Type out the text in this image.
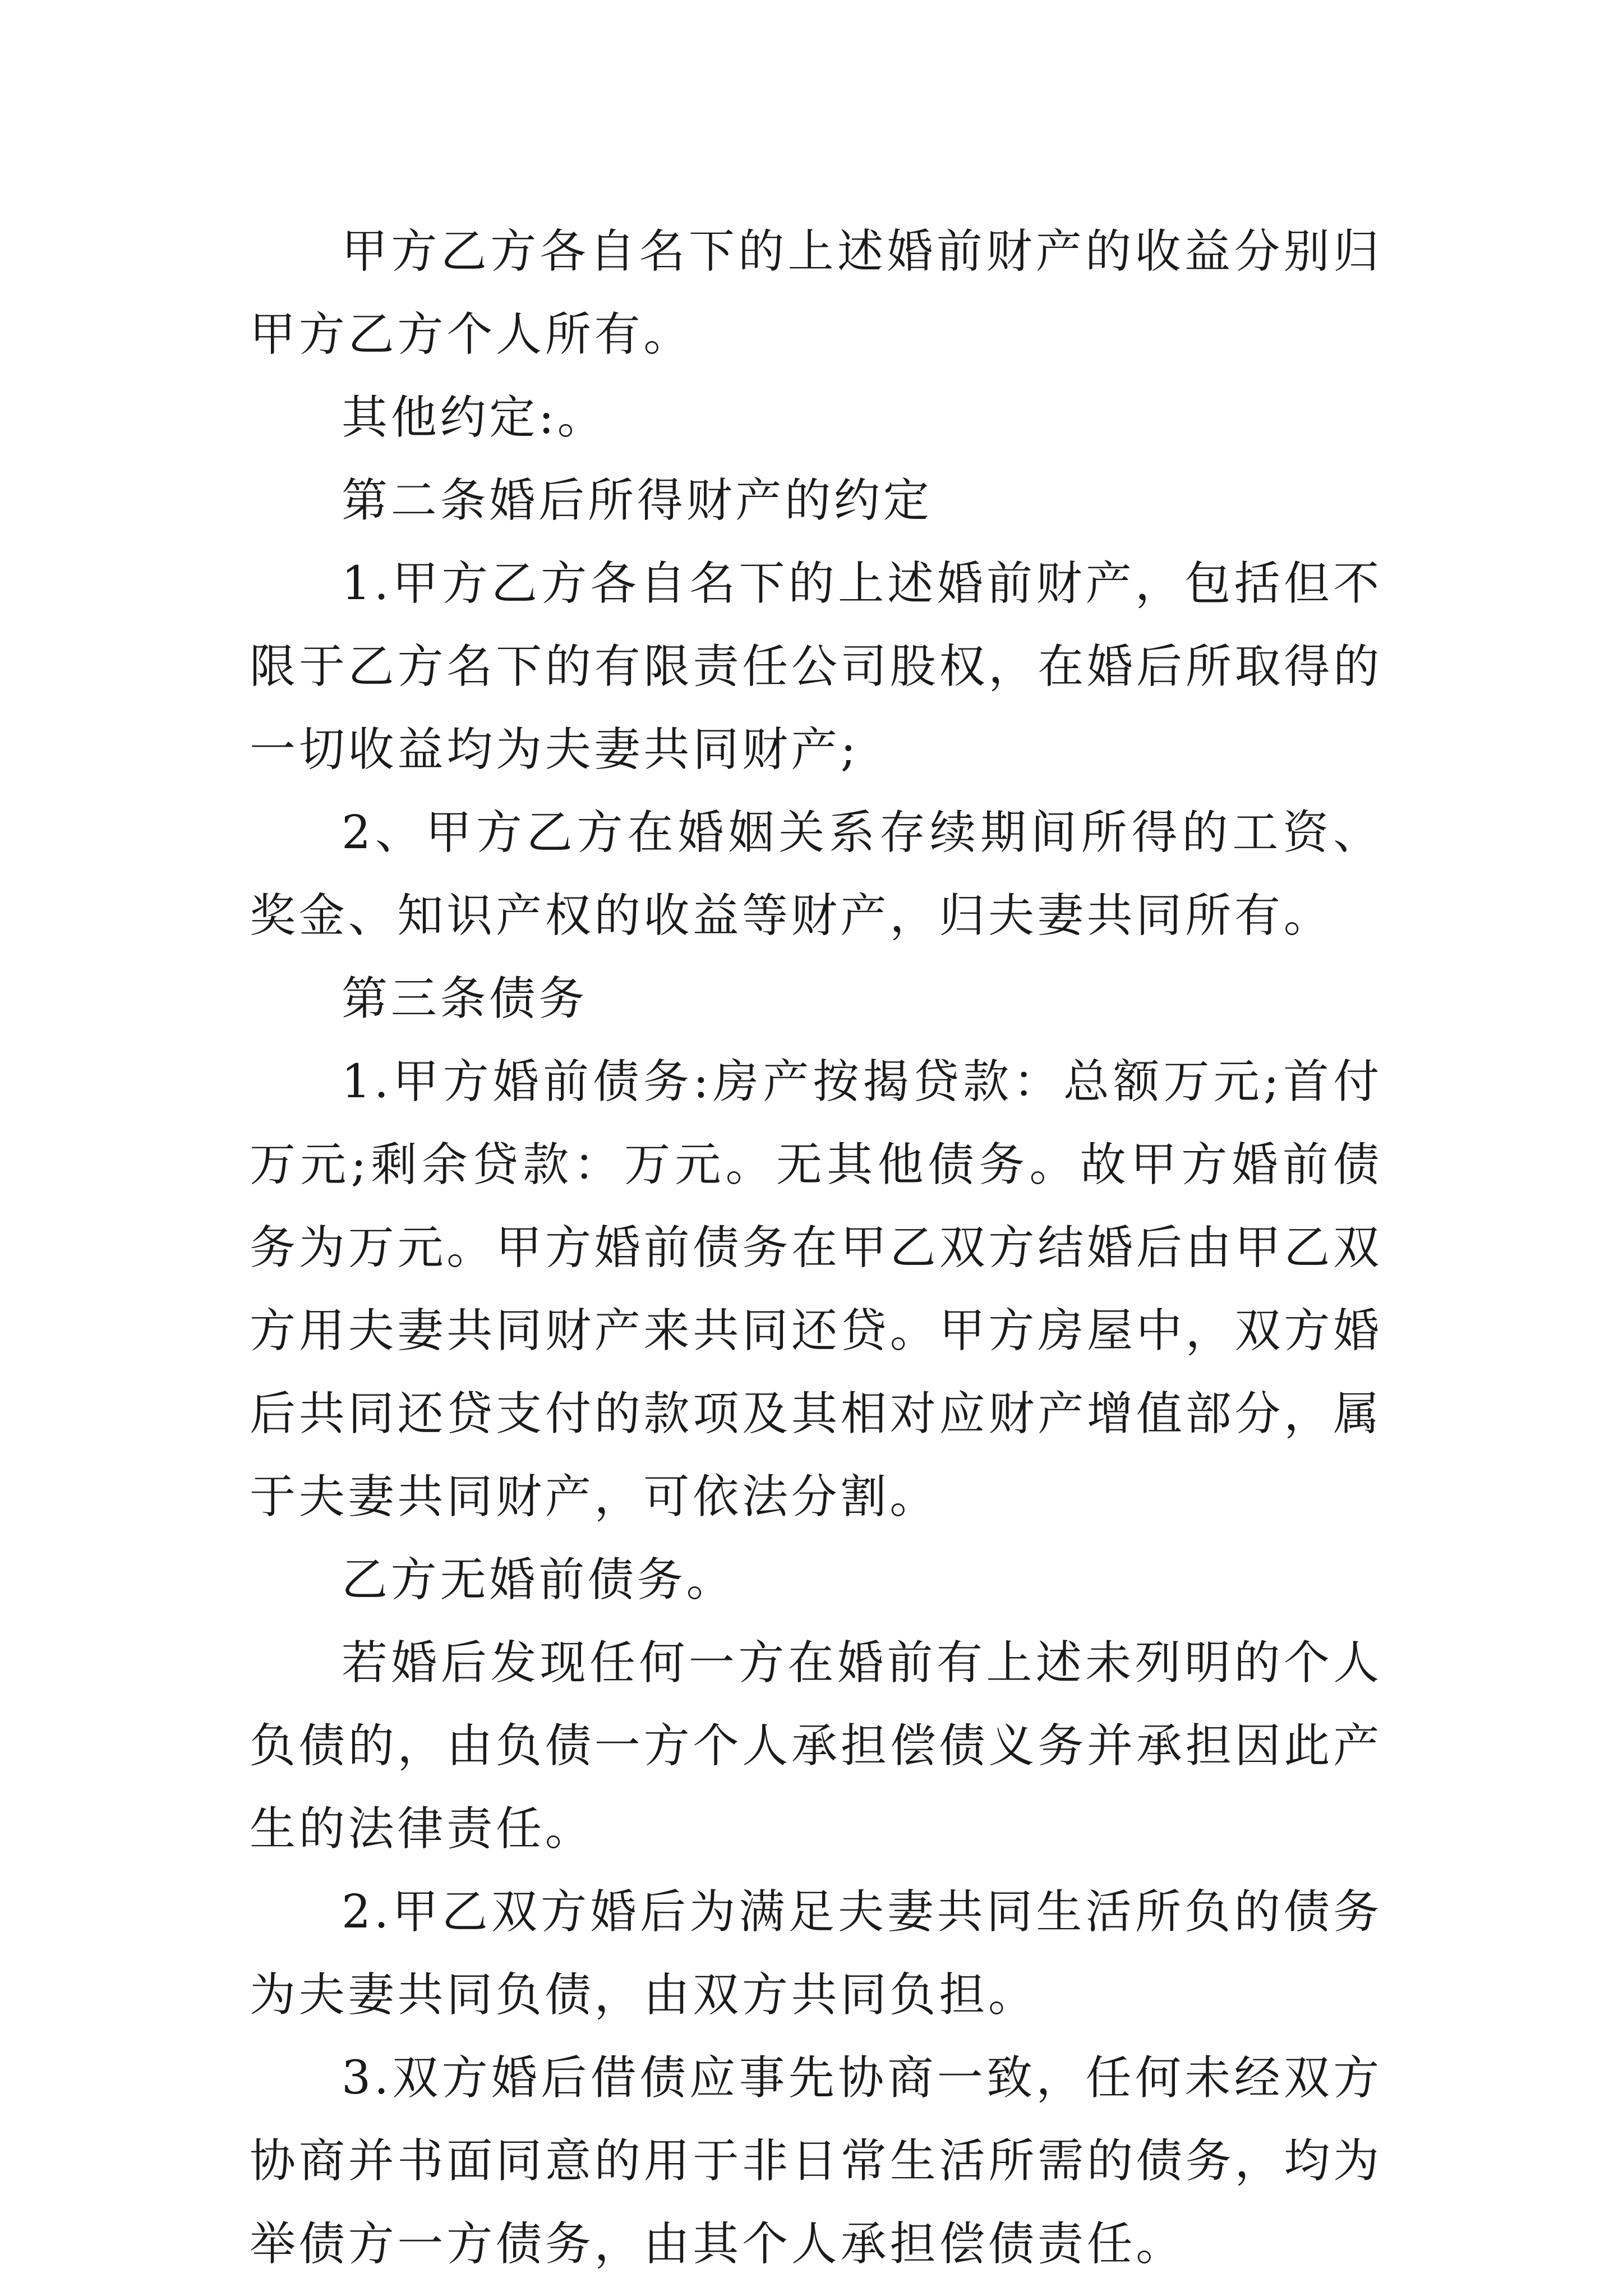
甲方乙方各自名下的上述婚前财产的收益分别归甲方乙方个人所有。

其他约定:。

第二条婚后所得财产的约定

1.甲方乙方各自名下的上述婚前财产，包括但不限于乙方名下的有限责任公司股权，在婚后所取得的一切收益均为夫妻共同财产;

2、甲方乙方在婚姻关系存续期间所得的工资、奖金、知识产权的收益等财产，归夫妻共同所有。

第三条债务

1.甲方婚前债务:房产按揭贷款：总额万元;首付万元;剩余贷款：万元。无其他债务。故甲方婚前债务为万元。甲方婚前债务在甲乙双方结婚后由甲乙双方用夫妻共同财产来共同还贷。甲方房屋中，双方婚后共同还贷支付的款项及其相对应财产增值部分，属于夫妻共同财产，可依法分割。

乙方无婚前债务。

若婚后发现任何一方在婚前有上述未列明的个人负债的，由负债一方个人承担偿债义务并承担因此产生的法律责任。

2.甲乙双方婚后为满足夫妻共同生活所负的债务为夫妻共同负债，由双方共同负担。

3.双方婚后借债应事先协商一致，任何未经双方协商并书面同意的用于非日常生活所需的债务，均为举债方一方债务，由其个人承担偿债责任。
